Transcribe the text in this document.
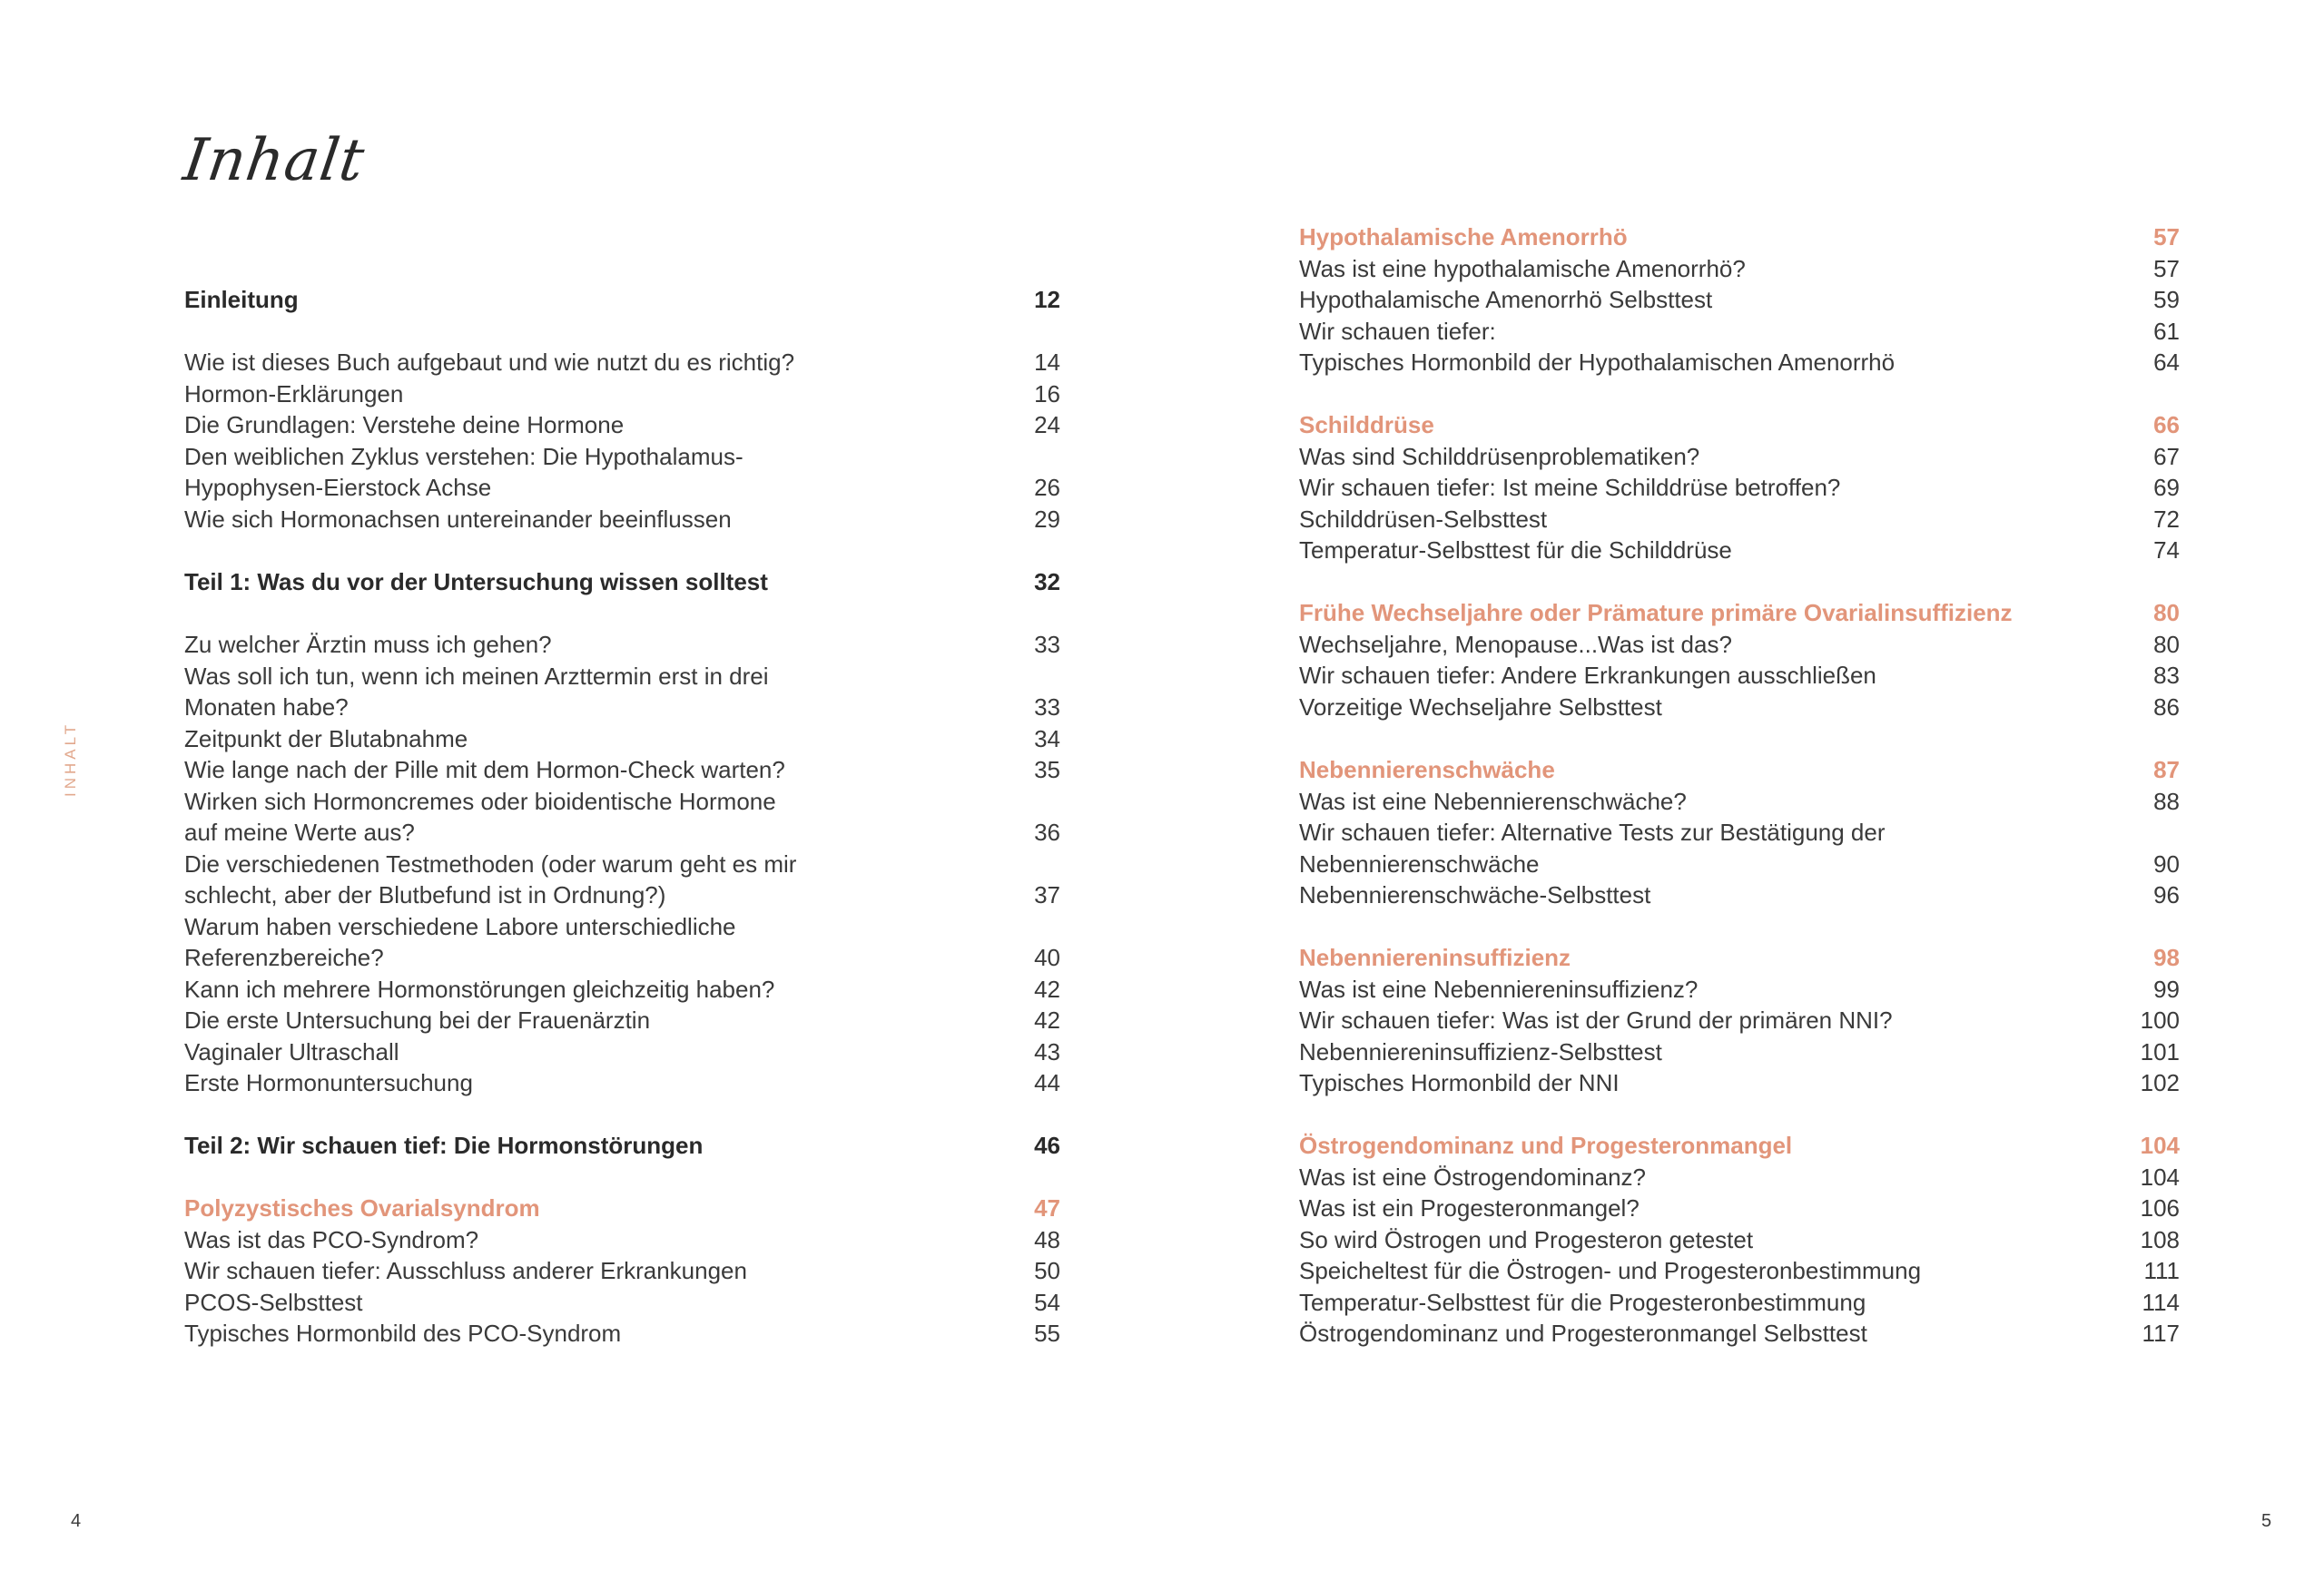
Inhalt
INHALT
Einleitung	12
Wie ist dieses Buch aufgebaut und wie nutzt du es richtig?	14
Hormon-Erklärungen	16
Die Grundlagen: Verstehe deine Hormone	24
Den weiblichen Zyklus verstehen: Die Hypothalamus-
Hypophysen-Eierstock Achse	26
Wie sich Hormonachsen untereinander beeinflussen	29
Teil 1: Was du vor der Untersuchung wissen solltest	32
Zu welcher Ärztin muss ich gehen?	33
Was soll ich tun, wenn ich meinen Arzttermin erst in drei
Monaten habe?	33
Zeitpunkt der Blutabnahme	34
Wie lange nach der Pille mit dem Hormon-Check warten?	35
Wirken sich Hormoncremes oder bioidentische Hormone
auf meine Werte aus?	36
Die verschiedenen Testmethoden (oder warum geht es mir
schlecht, aber der Blutbefund ist in Ordnung?)	37
Warum haben verschiedene Labore unterschiedliche
Referenzbereiche?	40
Kann ich mehrere Hormonstörungen gleichzeitig haben?	42
Die erste Untersuchung bei der Frauenärztin	42
Vaginaler Ultraschall	43
Erste Hormonuntersuchung	44
Teil 2: Wir schauen tief: Die Hormonstörungen	46
Polyzystisches Ovarialsyndrom	47
Was ist das PCO-Syndrom?	48
Wir schauen tiefer: Ausschluss anderer Erkrankungen	50
PCOS-Selbsttest	54
Typisches Hormonbild des PCO-Syndrom	55
Hypothalamische Amenorrhö	57
Was ist eine hypothalamische Amenorrhö?	57
Hypothalamische Amenorrhö Selbsttest	59
Wir schauen tiefer:	61
Typisches Hormonbild der Hypothalamischen Amenorrhö	64
Schilddrüse	66
Was sind Schilddrüsenproblematiken?	67
Wir schauen tiefer: Ist meine Schilddrüse betroffen?	69
Schilddrüsen-Selbsttest	72
Temperatur-Selbsttest für die Schilddrüse	74
Frühe Wechseljahre oder Prämature primäre Ovarialinsuffizienz	80
Wechseljahre, Menopause...Was ist das?	80
Wir schauen tiefer: Andere Erkrankungen ausschließen	83
Vorzeitige Wechseljahre Selbsttest	86
Nebennierenschwäche	87
Was ist eine Nebennierenschwäche?	88
Wir schauen tiefer: Alternative Tests zur Bestätigung der
Nebennierenschwäche	90
Nebennierenschwäche-Selbsttest	96
Nebenniereninsuffizienz	98
Was ist eine Nebenniereninsuffizienz?	99
Wir schauen tiefer: Was ist der Grund der primären NNI?	100
Nebenniereninsuffizienz-Selbsttest	101
Typisches Hormonbild der NNI	102
Östrogendominanz und Progesteronmangel	104
Was ist eine Östrogendominanz?	104
Was ist ein Progesteronmangel?	106
So wird Östrogen und Progesteron getestet	108
Speicheltest für die Östrogen- und Progesteronbestimmung	111
Temperatur-Selbsttest für die Progesteronbestimmung	114
Östrogendominanz und Progesteronmangel Selbsttest	117
4	5
